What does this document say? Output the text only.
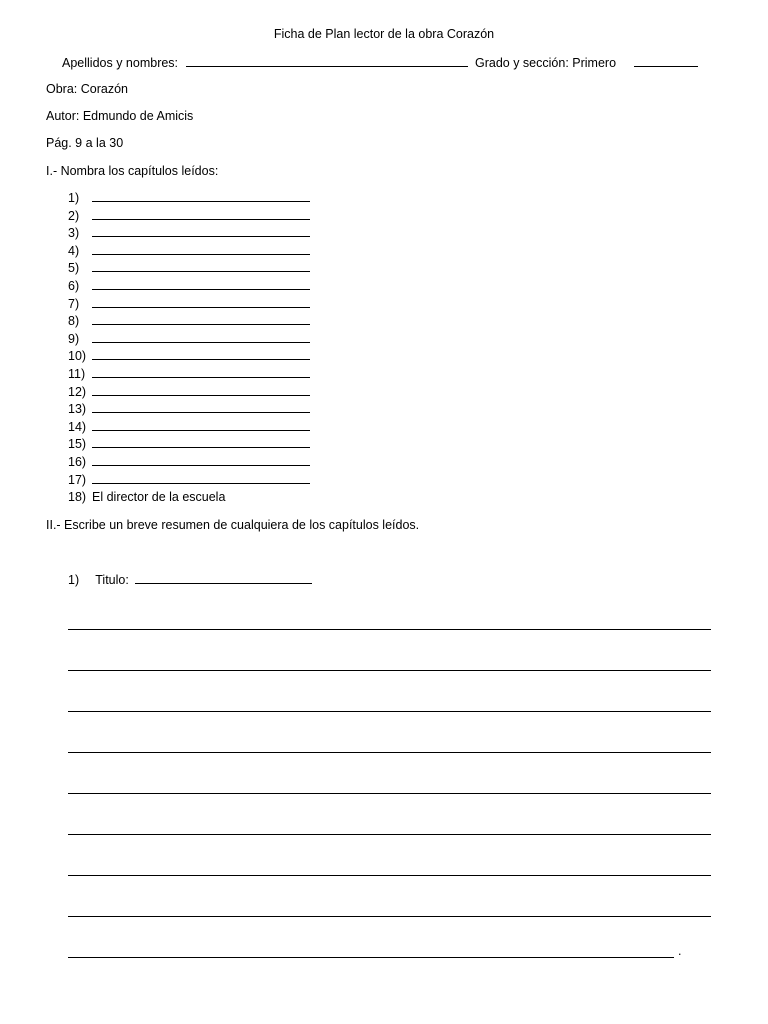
Ficha de Plan lector de la obra Corazón
Apellidos y nombres:	Grado y sección: Primero
Obra: Corazón
Autor: Edmundo de Amicis
Pág. 9 a la 30
I.- Nombra los capítulos leídos:
1)
2)
3)
4)
5)
6)
7)
8)
9)
10)
11)
12)
13)
14)
15)
16)
17)
18) El director de la escuela
II.- Escribe un breve resumen de cualquiera de los capítulos leídos.
1) Titulo:
.
